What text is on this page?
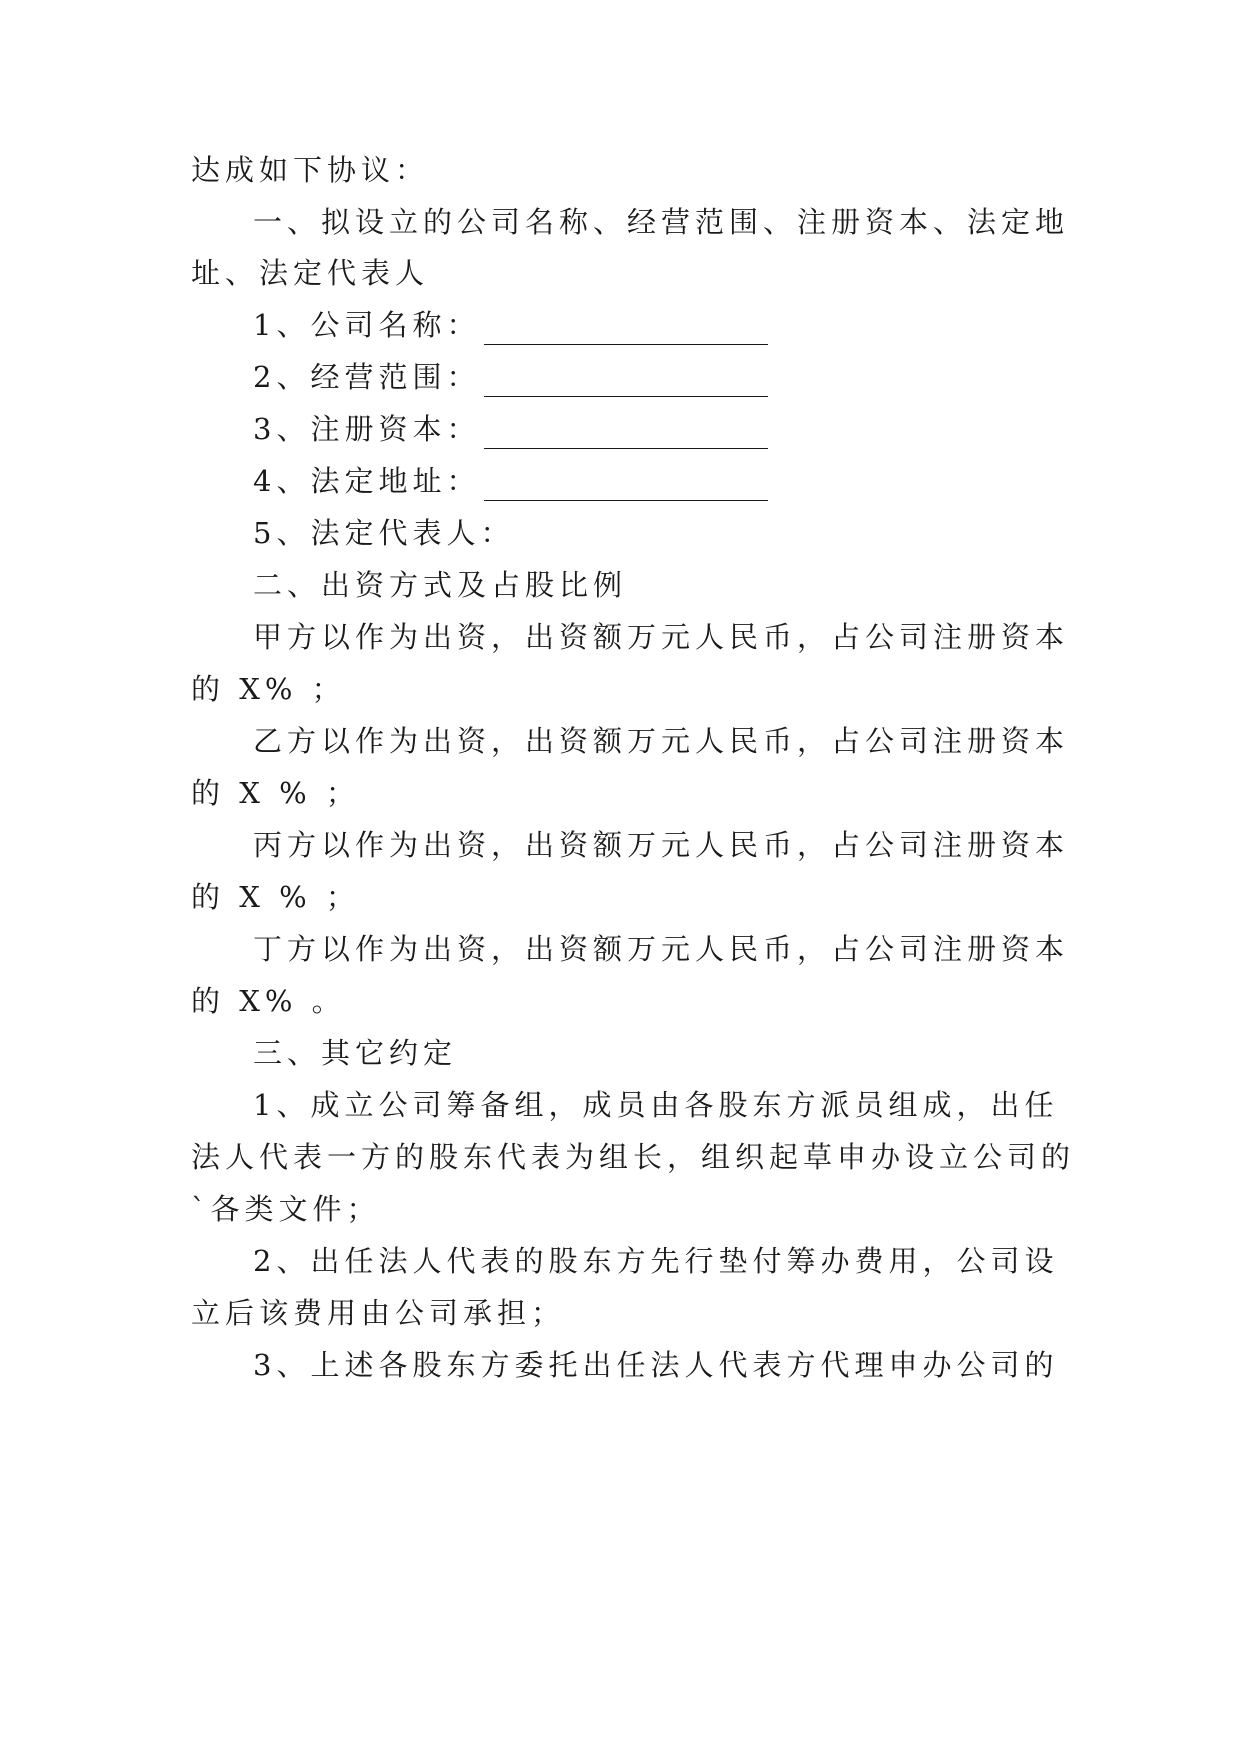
达成如下协议：
一、拟设立的公司名称、经营范围、注册资本、法定地
址、法定代表人
1、公司名称：
2、经营范围：
3、注册资本：
4、法定地址：
5、法定代表人：
二、出资方式及占股比例
甲方以作为出资，出资额万元人民币，占公司注册资本
的 X% ；
乙方以作为出资，出资额万元人民币，占公司注册资本
的 X % ；
丙方以作为出资，出资额万元人民币，占公司注册资本
的 X % ；
丁方以作为出资，出资额万元人民币，占公司注册资本
的 X% 。
三、其它约定
1、成立公司筹备组，成员由各股东方派员组成，出任
法人代表一方的股东代表为组长，组织起草申办设立公司的
`各类文件；
2、出任法人代表的股东方先行垫付筹办费用，公司设
立后该费用由公司承担；
3、上述各股东方委托出任法人代表方代理申办公司的
